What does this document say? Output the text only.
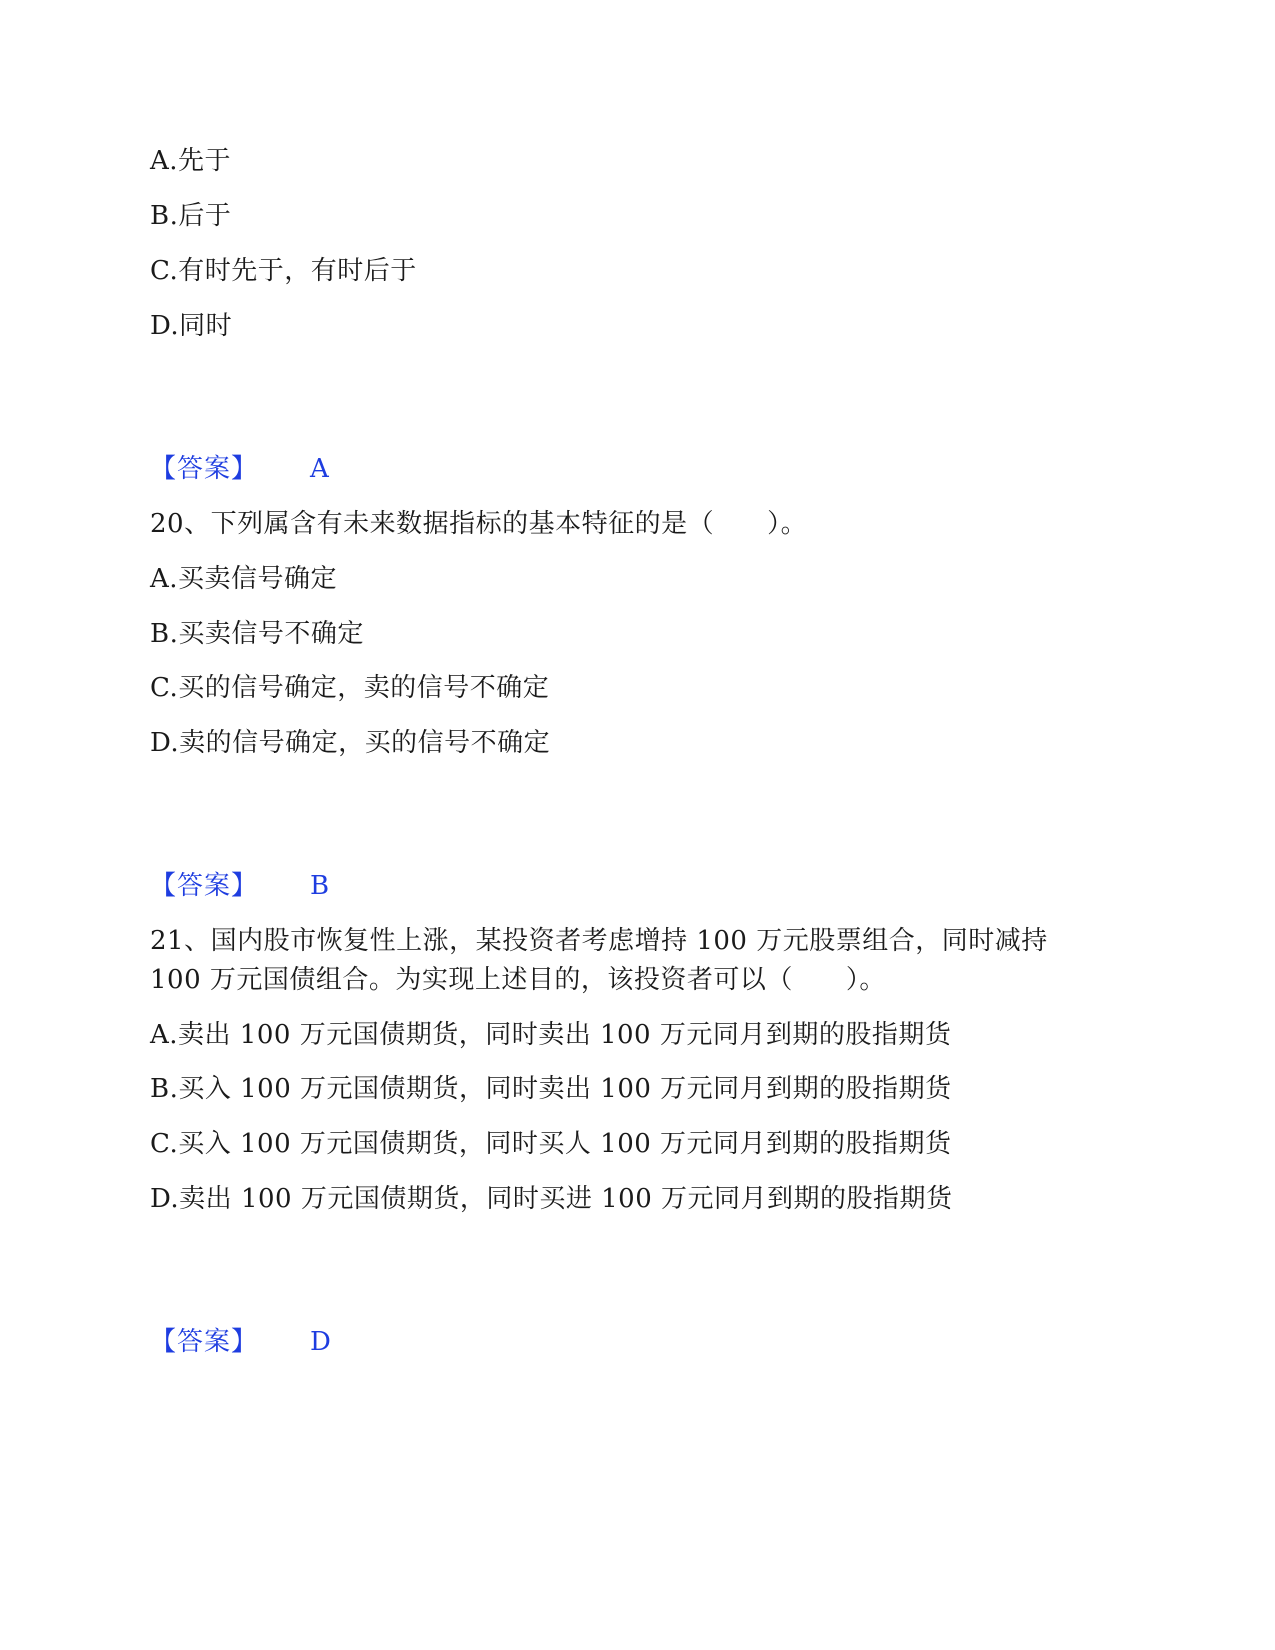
A.先于
B.后于
C.有时先于，有时后于
D.同时
【答案】 A
20、下列属含有未来数据指标的基本特征的是（　　）。
A.买卖信号确定
B.买卖信号不确定
C.买的信号确定，卖的信号不确定
D.卖的信号确定，买的信号不确定
【答案】 B
21、国内股市恢复性上涨，某投资者考虑增持 100 万元股票组合，同时减持
100 万元国债组合。为实现上述目的，该投资者可以（　　）。
A.卖出 100 万元国债期货，同时卖出 100 万元同月到期的股指期货
B.买入 100 万元国债期货，同时卖出 100 万元同月到期的股指期货
C.买入 100 万元国债期货，同时买人 100 万元同月到期的股指期货
D.卖出 100 万元国债期货，同时买进 100 万元同月到期的股指期货
【答案】 D
